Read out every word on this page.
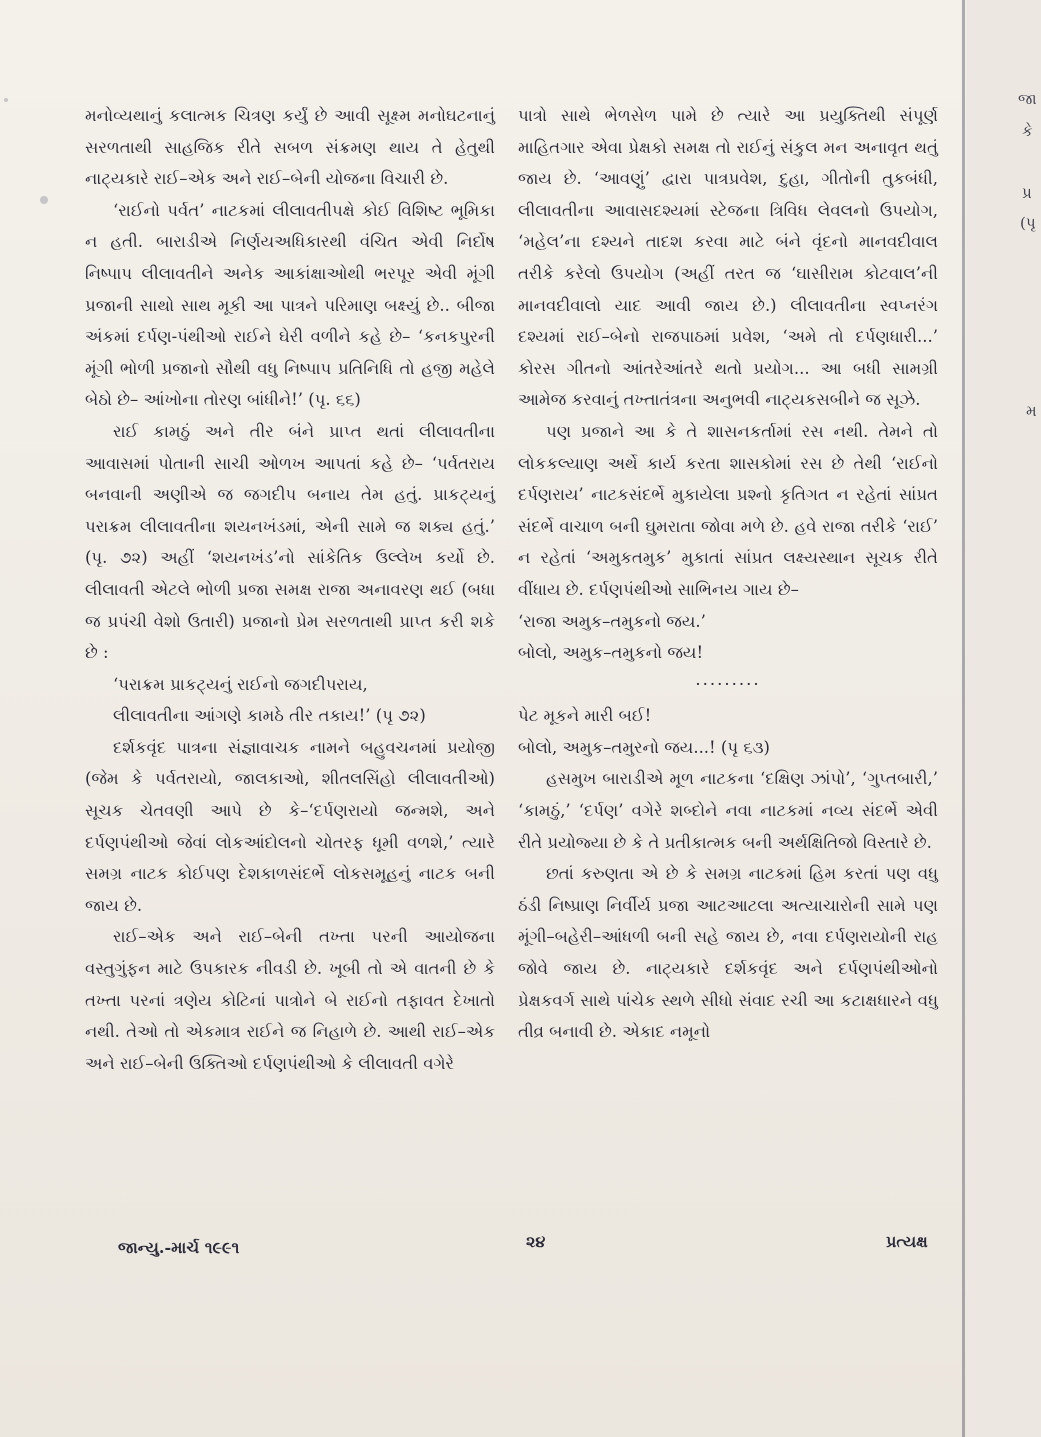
જા
કે
પ્ર
(પૃ
મ

મનોવ્યથાનું કલાત્મક ચિત્રણ કર્યું છે આવી સૂક્ષ્મ મનોઘટનાનું સરળતાથી સાહજિક રીતે સબળ સંક્રમણ થાય તે હેતુથી નાટ્યકારે રાઈ–એક અને રાઈ–બેની યોજના વિચારી છે.

‘રાઈનો પર્વત’ નાટકમાં લીલાવતીપક્ષે કોઈ વિશિષ્ટ ભૂમિકા ન હતી. બારાડીએ નિર્ણયઅધિકારથી વંચિત એવી નિર્દોષ નિષ્પાપ લીલાવતીને અનેક આકાંક્ષાઓથી ભરપૂર એવી મૂંગી પ્રજાની સાથો સાથ મૂકી આ પાત્રને પરિમાણ બક્ષ્યું છે.. બીજા અંકમાં દર્પણ-પંથીઓ રાઈને ઘેરી વળીને કહે છે– ‘કનકપુરની મૂંગી ભોળી પ્રજાનો સૌથી વધુ નિષ્પાપ પ્રતિનિધિ તો હજી મહેલે બેઠો છે– આંખોના તોરણ બાંધીને!’ (પૃ. ૬૬)

રાઈ કામઠું અને તીર બંને પ્રાપ્ત થતાં લીલાવતીના આવાસમાં પોતાની સાચી ઓળખ આપતાં કહે છે– ‘પર્વતરાય બનવાની અણીએ જ જગદીપ બનાય તેમ હતું. પ્રાકટ્યનું પરાક્રમ લીલાવતીના શયનખંડમાં, એની સામે જ શક્ય હતું.’ (પૃ. ૭૨) અહીં ‘શયનખંડ’નો સાંકેતિક ઉલ્લેખ કર્યો છે. લીલાવતી એટલે ભોળી પ્રજા સમક્ષ રાજા અનાવરણ થઈ (બધા જ પ્રપંચી વેશો ઉતારી) પ્રજાનો પ્રેમ સરળતાથી પ્રાપ્ત કરી શકે છે :

‘પરાક્રમ પ્રાકટ્યનું રાઈનો જગદીપરાય,

લીલાવતીના આંગણે કામઠે તીર તકાય!’ (પૃ ૭૨)

દર્શકવૃંદ પાત્રના સંજ્ઞાવાચક નામને બહુવચનમાં પ્રયોજી (જેમ કે પર્વતરાયો, જાલકાઓ, શીતલસિંહો લીલાવતીઓ) સૂચક ચેતવણી આપે છે કે–‘દર્પણરાયો જન્મશે, અને દર્પણપંથીઓ જેવાં લોકઆંદોલનો ચોતરફ ધૂમી વળશે,’ ત્યારે સમગ્ર નાટક કોઈપણ દેશકાળસંદર્ભે લોકસમૂહનું નાટક બની જાય છે.

રાઈ–એક અને રાઈ–બેની તખ્તા પરની આયોજના વસ્તુગુંફન માટે ઉપકારક નીવડી છે. ખૂબી તો એ વાતની છે કે તખ્તા પરનાં ત્રણેય કોટિનાં પાત્રોને બે રાઈનો તફાવત દેખાતો નથી. તેઓ તો એકમાત્ર રાઈને જ નિહાળે છે. આથી રાઈ–એક અને રાઈ–બેની ઉક્તિઓ દર્પણપંથીઓ કે લીલાવતી વગેરે

પાત્રો સાથે ભેળસેળ પામે છે ત્યારે આ પ્રયુક્તિથી સંપૂર્ણ માહિતગાર એવા પ્રેક્ષકો સમક્ષ તો રાઈનું સંકુલ મન અનાવૃત થતું જાય છે. ‘આવણું’ દ્વારા પાત્રપ્રવેશ, દુહા, ગીતોની તુકબંધી, લીલાવતીના આવાસદશ્યમાં સ્ટેજના ત્રિવિધ લેવલનો ઉપયોગ, ‘મહેલ’ના દશ્યને તાદશ કરવા માટે બંને વૃંદનો માનવદીવાલ તરીકે કરેલો ઉપયોગ (અહીં તરત જ ‘ઘાસીરામ કોટવાલ’ની માનવદીવાલો યાદ આવી જાય છે.) લીલાવતીના સ્વપ્નરંગ દશ્યમાં રાઈ–બેનો રાજપાઠમાં પ્રવેશ, ‘અમે તો દર્પણધારી...’ કોરસ ગીતનો આંતરેઆંતરે થતો પ્રયોગ... આ બધી સામગ્રી આમેજ કરવાનું તખ્તાતંત્રના અનુભવી નાટ્યકસબીને જ સૂઝે.

પણ પ્રજાને આ કે તે શાસનકર્તામાં રસ નથી. તેમને તો લોકકલ્યાણ અર્થે કાર્ય કરતા શાસકોમાં રસ છે તેથી ‘રાઈનો દર્પણરાય’ નાટકસંદર્ભે મુકાયેલા પ્રશ્નો કૃતિગત ન રહેતાં સાંપ્રત સંદર્ભે વાચાળ બની ઘુમરાતા જોવા મળે છે. હવે રાજા તરીકે ‘રાઈ’ ન રહેતાં ‘અમુકતમુક’ મુકાતાં સાંપ્રત લક્ષ્યસ્થાન સૂચક રીતે વીંધાય છે. દર્પણપંથીઓ સાભિનય ગાય છે–

‘રાજા અમુક–તમુકનો જય.’

બોલો, અમુક–તમુકનો જય!

·········

પેટ મૂકને મારી બઈ!

બોલો, અમુક–તમુરનો જય...! (પૃ ૬૩)

હસમુખ બારાડીએ મૂળ નાટકના ‘દક્ષિણ ઝાંપો’, ‘ગુપ્તબારી,’ ‘કામઠું,’ ‘દર્પણ’ વગેરે શબ્દોને નવા નાટકમાં નવ્ય સંદર્ભે એવી રીતે પ્રયોજ્યા છે કે તે પ્રતીકાત્મક બની અર્થક્ષિતિજો વિસ્તારે છે.

છતાં કરુણતા એ છે કે સમગ્ર નાટકમાં હિમ કરતાં પણ વધુ ઠંડી નિષ્પ્રાણ નિર્વીર્ય પ્રજા આટઆટલા અત્યાચારોની સામે પણ મૂંગી–બહેરી–આંધળી બની સહે જાય છે, નવા દર્પણરાયોની રાહ જોવે જાય છે. નાટ્યકારે દર્શકવૃંદ અને દર્પણપંથીઓનો પ્રેક્ષકવર્ગ સાથે પાંચેક સ્થળે સીધો સંવાદ રચી આ કટાક્ષધારને વધુ તીવ્ર બનાવી છે. એકાદ નમૂનો

જાન્યુ.-માર્ચ ૧૯૯૧	૨૪	પ્રત્યક્ષ
